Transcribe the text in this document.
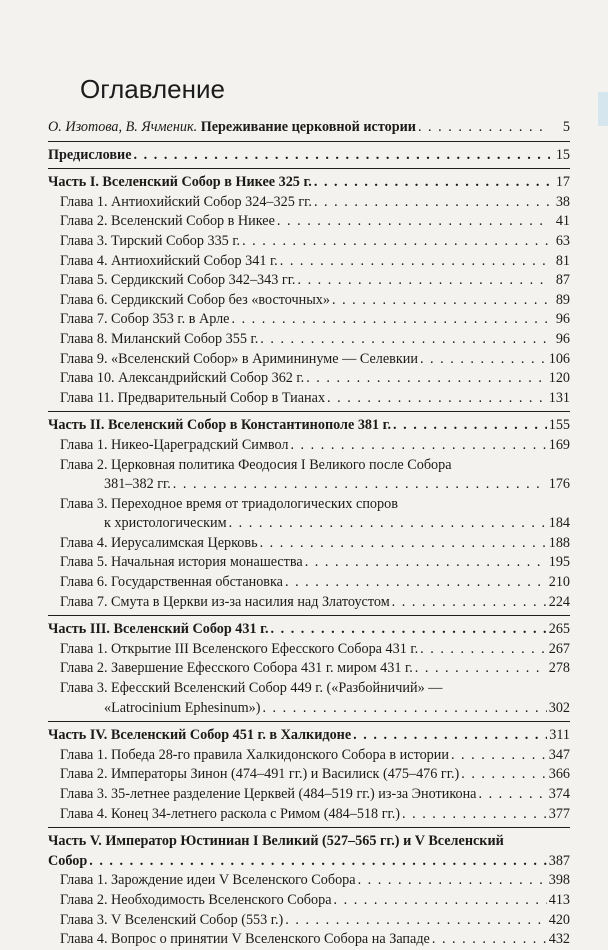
Оглавление
О. Изотова, В. Ячменик. Переживание церковной истории . . .	5
Предисловие . . .	15
Часть I. Вселенский Собор в Никее 325 г. . . .	17
Глава 1. Антиохийский Собор 324–325 гг. . . .	38
Глава 2. Вселенский Собор в Никее . . .	41
Глава 3. Тирский Собор 335 г. . . .	63
Глава 4. Антиохийский Собор 341 г. . . .	81
Глава 5. Сердикский Собор 342–343 гг. . . .	87
Глава 6. Сердикский Собор без «восточных» . . .	89
Глава 7. Собор 353 г. в Арле . . .	96
Глава 8. Миланский Собор 355 г. . . .	96
Глава 9. «Вселенский Собор» в Аримининуме — Селевкии . . .	106
Глава 10. Александрийский Собор 362 г. . . .	120
Глава 11. Предварительный Собор в Тианах . . .	131
Часть II. Вселенский Собор в Константинополе 381 г. . . .	155
Глава 1. Никео-Цареградский Символ . . .	169
Глава 2. Церковная политика Феодосия I Великого после Собора
381–382 гг. . . .	176
Глава 3. Переходное время от триадологических споров
к христологическим . . .	184
Глава 4. Иерусалимская Церковь . . .	188
Глава 5. Начальная история монашества . . .	195
Глава 6. Государственная обстановка . . .	210
Глава 7. Смута в Церкви из-за насилия над Златоустом . . .	224
Часть III. Вселенский Собор 431 г. . . .	265
Глава 1. Открытие III Вселенского Ефесского Собора 431 г. . . .	267
Глава 2. Завершение Ефесского Собора 431 г. миром 431 г. . . .	278
Глава 3. Ефесский Вселенский Собор 449 г. («Разбойничий» —
«Latrocinium Ephesinum») . . .	302
Часть IV. Вселенский Собор 451 г. в Халкидоне . . .	311
Глава 1. Победа 28-го правила Халкидонского Собора в истории . . .	347
Глава 2. Императоры Зинон (474–491 гг.) и Василиск (475–476 гг.) . . .	366
Глава 3. 35-летнее разделение Церквей (484–519 гг.) из-за Энотикона . . .	374
Глава 4. Конец 34-летнего раскола с Римом (484–518 гг.) . . .	377
Часть V. Император Юстиниан I Великий (527–565 гг.) и V Вселенский
Собор . . .	387
Глава 1. Зарождение идеи V Вселенского Собора . . .	398
Глава 2. Необходимость Вселенского Собора . . .	413
Глава 3. V Вселенский Собор (553 г.) . . .	420
Глава 4. Вопрос о принятии V Вселенского Собора на Западе . . .	432
